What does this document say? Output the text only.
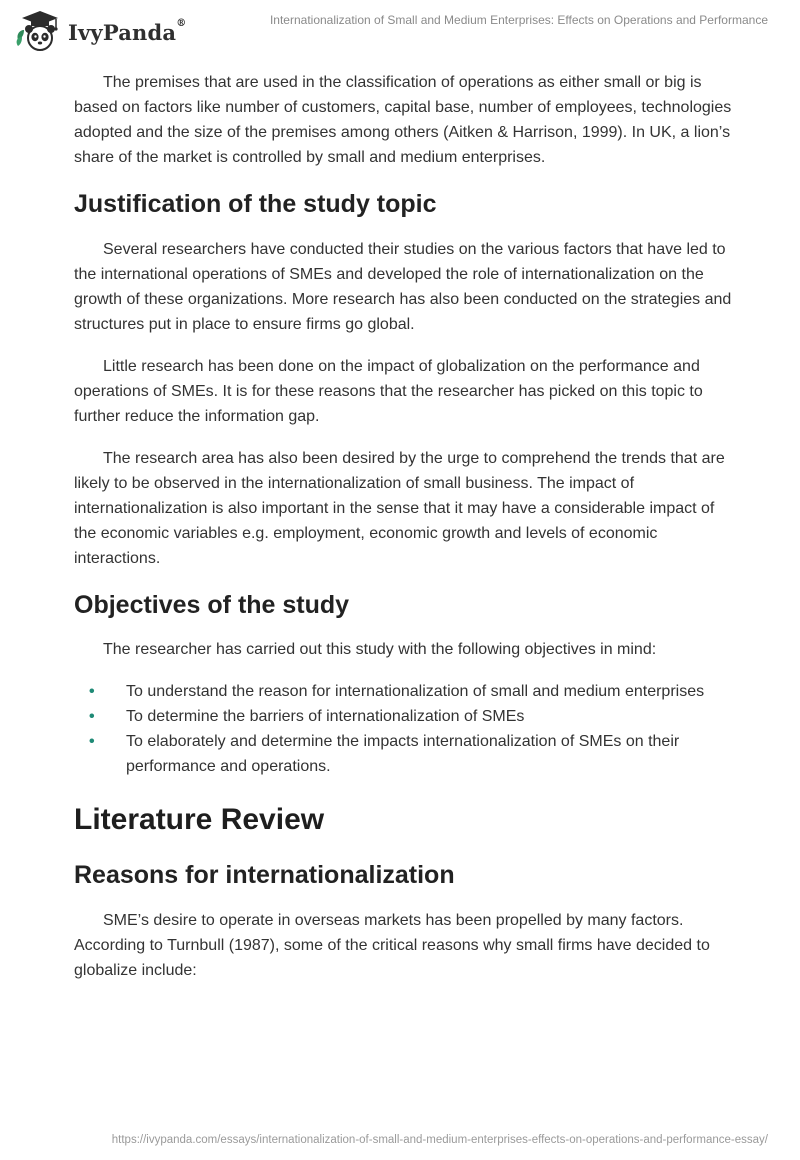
IvyPanda®	Internationalization of Small and Medium Enterprises: Effects on Operations and Performance

The premises that are used in the classification of operations as either small or big is based on factors like number of customers, capital base, number of employees, technologies adopted and the size of the premises among others (Aitken & Harrison, 1999). In UK, a lion’s share of the market is controlled by small and medium enterprises.

Justification of the study topic

Several researchers have conducted their studies on the various factors that have led to the international operations of SMEs and developed the role of internationalization on the growth of these organizations. More research has also been conducted on the strategies and structures put in place to ensure firms go global.

Little research has been done on the impact of globalization on the performance and operations of SMEs. It is for these reasons that the researcher has picked on this topic to further reduce the information gap.

The research area has also been desired by the urge to comprehend the trends that are likely to be observed in the internationalization of small business. The impact of internationalization is also important in the sense that it may have a considerable impact of the economic variables e.g. employment, economic growth and levels of economic interactions.

Objectives of the study

The researcher has carried out this study with the following objectives in mind:

• To understand the reason for internationalization of small and medium enterprises
• To determine the barriers of internationalization of SMEs
• To elaborately and determine the impacts internationalization of SMEs on their performance and operations.
Literature Review
Reasons for internationalization

SME’s desire to operate in overseas markets has been propelled by many factors. According to Turnbull (1987), some of the critical reasons why small firms have decided to globalize include:

https://ivypanda.com/essays/internationalization-of-small-and-medium-enterprises-effects-on-operations-and-performance-essay/
